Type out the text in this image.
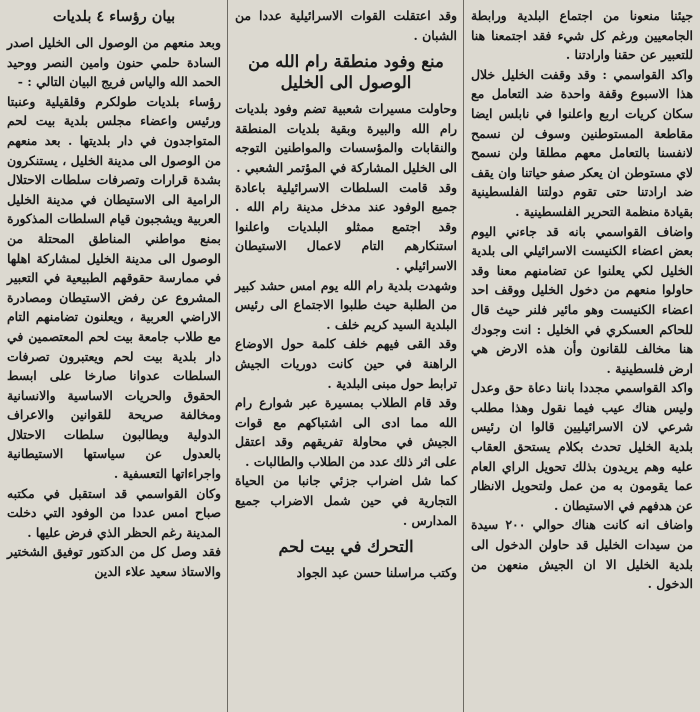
جيئنا منعونا من اجتماع البلدية ورابطة الجامعيين ورغم كل شيء فقد اجتمعنا هنا للتعبير عن حقنا وارادتنا .

واكد القواسمي : وقد وقفت الخليل خلال هذا الاسبوع وقفة واحدة ضد التعامل مع سكان كريات اربع واعلنوا في نابلس ايضا مقاطعة المستوطنين وسوف لن نسمح لانفسنا بالتعامل معهم مطلقا ولن نسمح لاي مستوطن ان يعكر صفو حياتنا وان يقف ضد ارادتنا حتى تقوم دولتنا الفلسطينية بقيادة منظمة التحرير الفلسطينية .

واضاف القواسمي بانه قد جاءني اليوم بعض اعضاء الكنيست الاسرائيلي الى بلدية الخليل لكي يعلنوا عن تضامنهم معنا وقد حاولوا منعهم من دخول الخليل ووقف احد اعضاء الكنيست وهو مائير فلنر حيث قال للحاكم العسكري في الخليل : انت وجودك هنا مخالف للقانون وأن هذه الارض هي ارض فلسطينية .

واكد القواسمي مجددا باننا دعاة حق وعدل وليس هناك عيب فيما نقول وهذا مطلب شرعي لان الاسرائيليين قالوا ان رئيس بلدية الخليل تحدث بكلام يستحق العقاب عليه وهم يريدون بذلك تحويل الراي العام عما يقومون به من عمل ولتحويل الانظار عن هدفهم في الاستيطان .

واضاف انه كانت هناك حوالي ٢٠٠ سيدة من سيدات الخليل قد حاولن الدخول الى بلدية الخليل الا ان الجيش منعهن من الدخول .

وقد اعتقلت القوات الاسرائيلية عددا من الشبان .

منع وفود منطقة رام الله من الوصول الى الخليل

وحاولت مسيرات شعبية تضم وفود بلديات رام الله والبيرة وبقية بلديات المنطقة والنقابات والمؤسسات والمواطنين التوجه الى الخليل المشاركة في المؤتمر الشعبي .

وقد قامت السلطات الاسرائيلية باعادة جميع الوفود عند مدخل مدينة رام الله . وقد اجتمع ممثلو البلديات واعلنوا استنكارهم التام لاعمال الاستيطان الاسرائيلي .

وشهدت بلدية رام الله يوم امس حشد كبير من الطلبة حيث طلبوا الاجتماع الى رئيس البلدية السيد كريم خلف .

وقد القى فيهم خلف كلمة حول الاوضاع الراهنة في حين كانت دوريات الجيش ترابط حول مبنى البلدية .

وقد قام الطلاب بمسيرة عبر شوارع رام الله مما ادى الى اشتباكهم مع قوات الجيش في محاولة تفريقهم وقد اعتقل على اثر ذلك عدد من الطلاب والطالبات .

كما شل اضراب جزئي جانبا من الحياة التجارية في حين شمل الاضراب جميع المدارس .

التحرك في بيت لحم

وكتب مراسلنا حسن عبد الجواد

بيان رؤساء ٤ بلديات

وبعد منعهم من الوصول الى الخليل اصدر السادة حلمي حنون وامين النصر ووحيد الحمد الله والياس فريج البيان التالي : -

رؤساء بلديات طولكرم وقلقيلية وعنبتا ورئيس واعضاء مجلس بلدية بيت لحم المتواجدون في دار بلديتها . بعد منعهم من الوصول الى مدينة الخليل ، يستنكرون بشدة قرارات وتصرفات سلطات الاحتلال الرامية الى الاستيطان في مدينة الخليل العربية ويشجبون قيام السلطات المذكورة بمنع مواطني المناطق المحتلة من الوصول الى مدينة الخليل لمشاركة اهلها في ممارسة حقوقهم الطبيعية في التعبير المشروع عن رفض الاستيطان ومصادرة الاراضي العربية ، ويعلنون تضامنهم التام مع طلاب جامعة بيت لحم المعتصمين في دار بلدية بيت لحم ويعتبرون تصرفات السلطات عدوانا صارخا على ابسط الحقوق والحريات الاساسية والانسانية ومخالفة صريحة للقوانين والاعراف الدولية ويطالبون سلطات الاحتلال بالعدول عن سياستها الاستيطانية واجراءاتها التعسفية .

وكان القواسمي قد استقبل في مكتبه صباح امس عددا من الوفود التي دخلت المدينة رغم الحظر الذي فرض عليها .

فقد وصل كل من الدكتور توفيق الشختير والاستاذ سعيد علاء الدين
